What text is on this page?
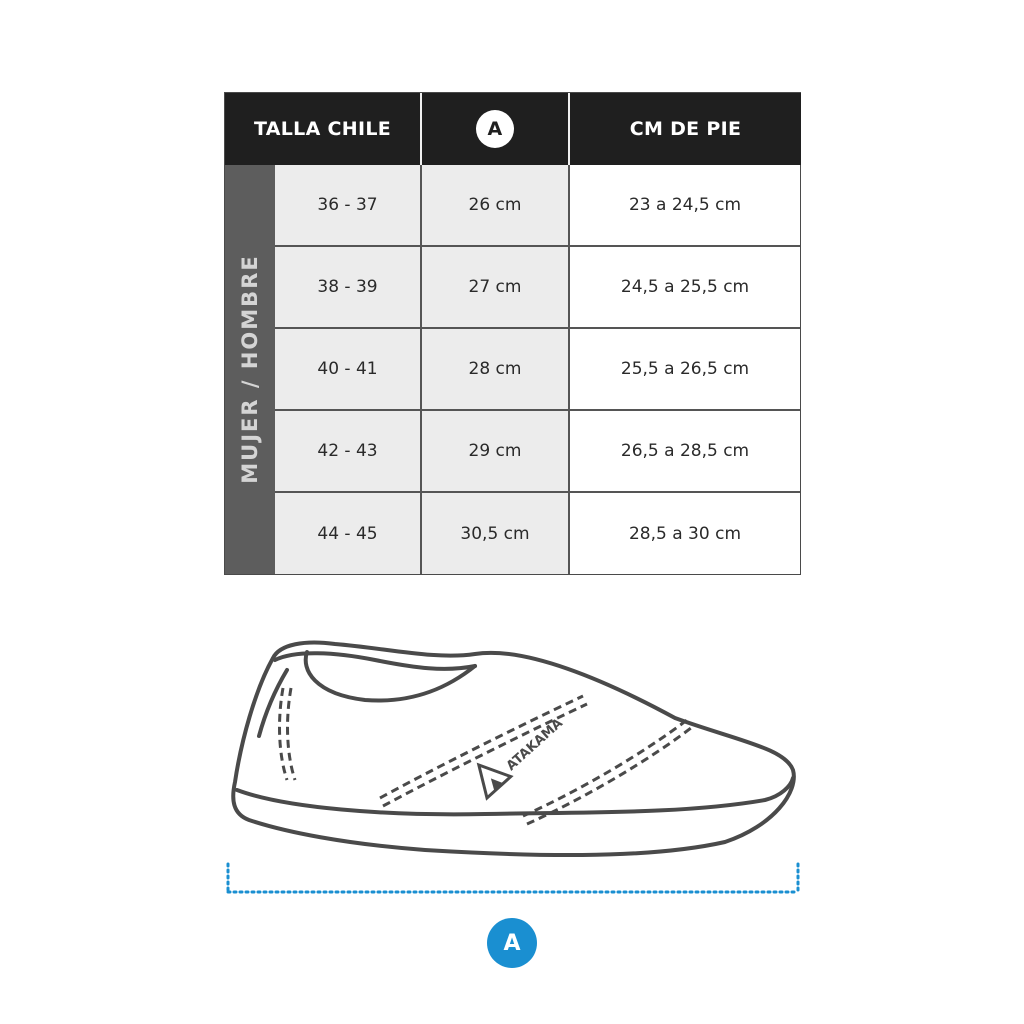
TALLA CHILE	A	CM DE PIE
MUJER / HOMBRE
36 - 37	26 cm	23 a 24,5 cm
38 - 39	27 cm	24,5 a 25,5 cm
40 - 41	28 cm	25,5 a 26,5 cm
42 - 43	29 cm	26,5 a 28,5 cm
44 - 45	30,5 cm	28,5 a 30 cm
ATAKAMA
A
